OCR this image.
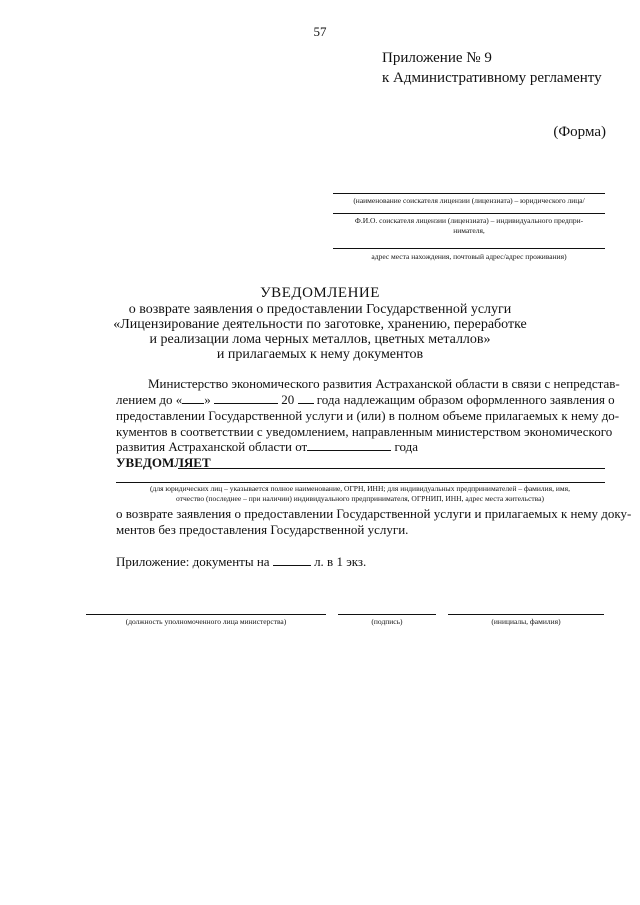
57
Приложение № 9
к Административному регламенту
(Форма)
(наименование соискателя лицензии (лицензиата) – юридического лица/
Ф.И.О. соискателя лицензии (лицензиата) – индивидуального предпри-
нимателя,
адрес места нахождения, почтовый адрес/адрес проживания)
УВЕДОМЛЕНИЕ
о возврате заявления о предоставлении Государственной услуги
«Лицензирование деятельности по заготовке, хранению, переработке
и реализации лома черных металлов, цветных металлов»
и прилагаемых к нему документов
Министерство экономического развития Астраханской области в связи с непредстав-
лением до « »	20 года надлежащим образом оформленного заявления о
предоставлении Государственной услуги и (или) в полном объеме прилагаемых к нему до-
кументов в соответствии с уведомлением, направленным министерством экономического
развития Астраханской области от	года
УВЕДОМЛЯЕТ
(для юридических лиц – указывается полное наименование, ОГРН, ИНН; для индивидуальных предпринимателей – фамилия, имя,
отчество (последнее – при наличии) индивидуального предпринимателя, ОГРНИП, ИНН, адрес места жительства)
о возврате заявления о предоставлении Государственной услуги и прилагаемых к нему доку-
ментов без предоставления Государственной услуги.
Приложение: документы на	л. в 1 экз.
(должность уполномоченного лица министерства)	(подпись)	(инициалы, фамилия)
